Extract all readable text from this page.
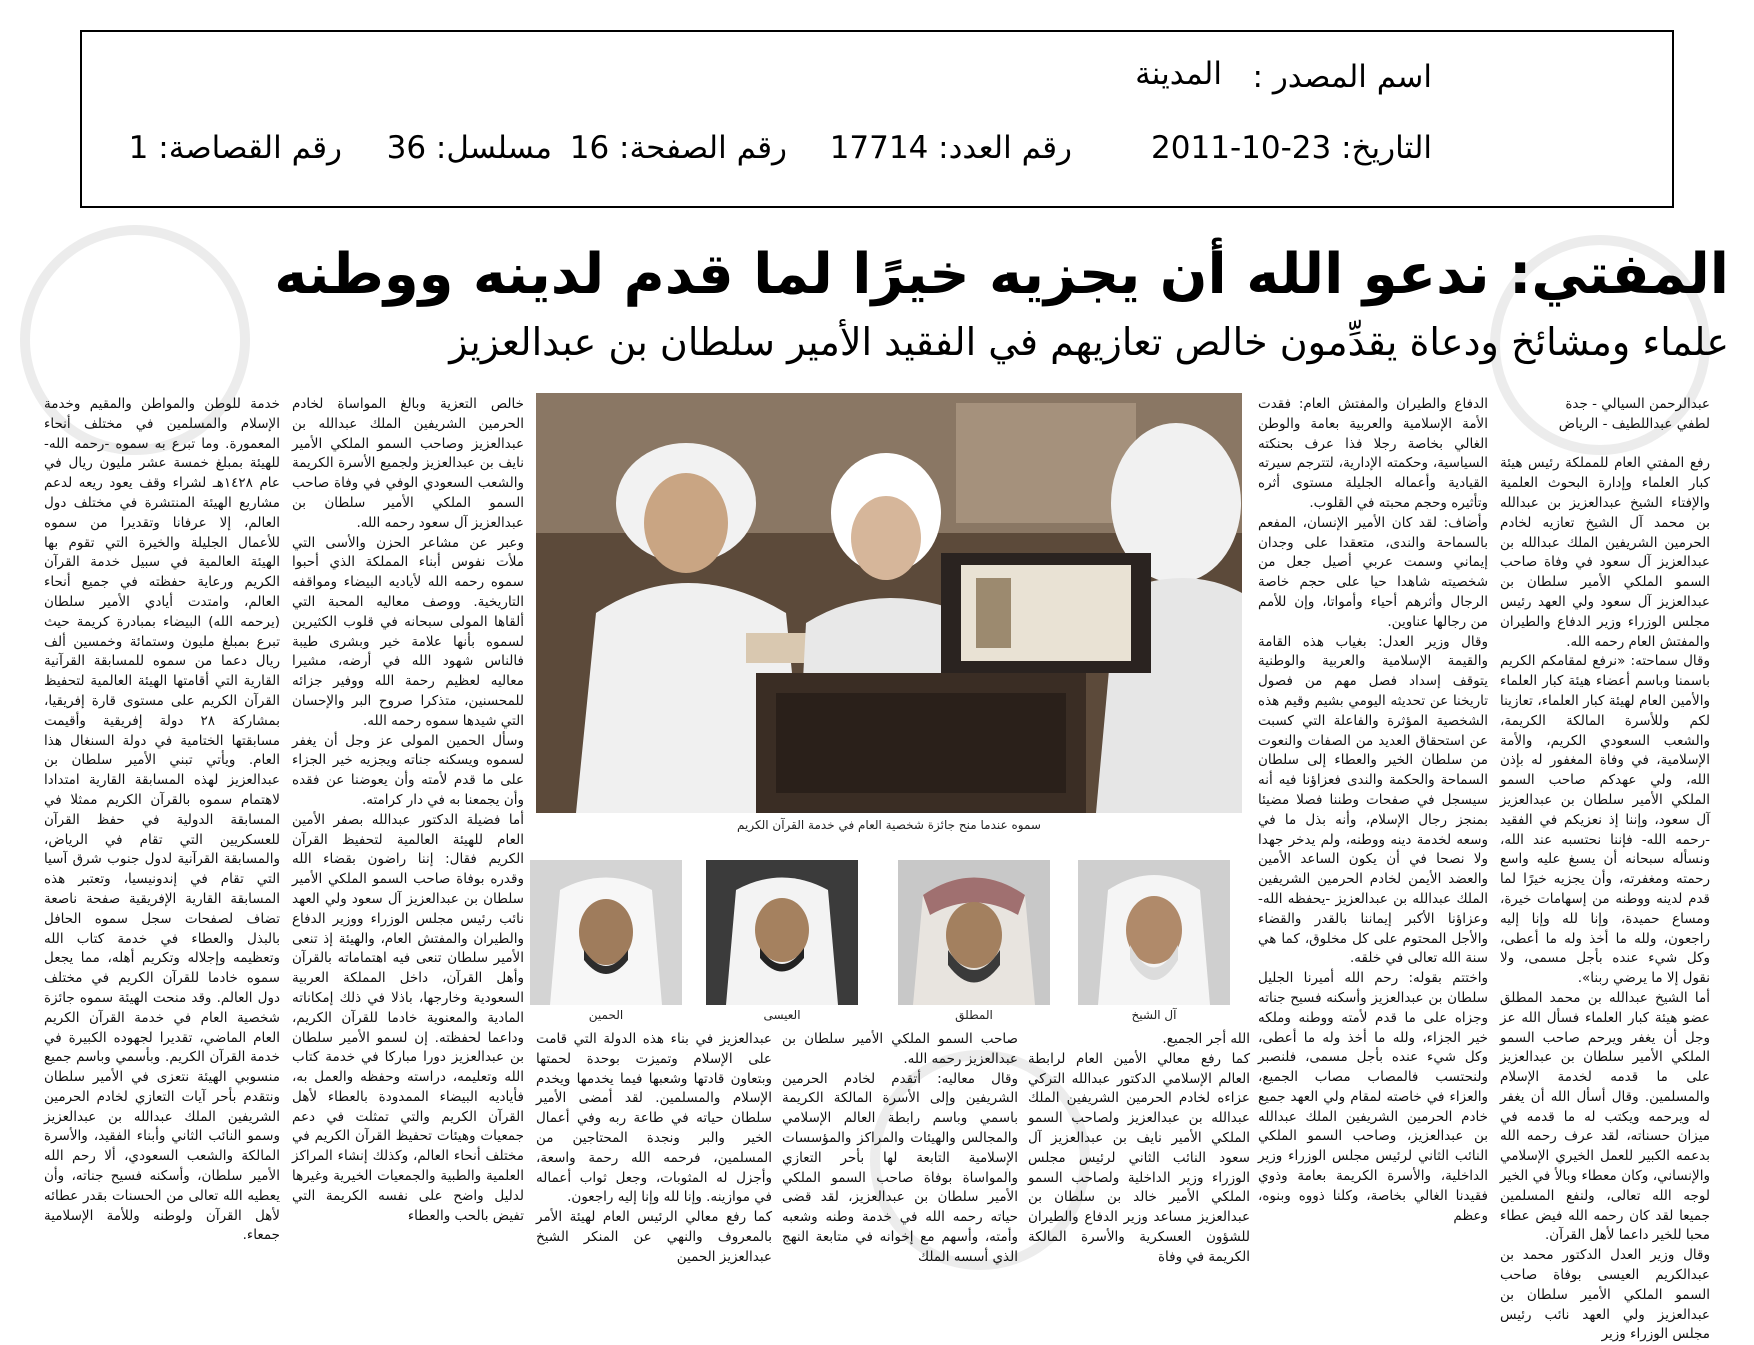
اسم المصدر :
المدينة
التاريخ: 23-10-2011
رقم العدد: 17714
رقم الصفحة: 16
مسلسل: 36
رقم القصاصة: 1
المفتي: ندعو الله أن يجزيه خيرًا لما قدم لدينه ووطنه
علماء ومشائخ ودعاة يقدِّمون خالص تعازيهم في الفقيد الأمير سلطان بن عبدالعزيز
عبدالرحمن السيالي - جدة
لطفي عبداللطيف - الرياض

رفع المفتي العام للمملكة رئيس هيئة كبار العلماء وإدارة البحوث العلمية والإفتاء الشيخ عبدالعزيز بن عبدالله بن محمد آل الشيخ تعازيه لخادم الحرمين الشريفين الملك عبدالله بن عبدالعزيز آل سعود في وفاة صاحب السمو الملكي الأمير سلطان بن عبدالعزيز آل سعود ولي العهد رئيس مجلس الوزراء وزير الدفاع والطيران والمفتش العام رحمه الله.
وقال سماحته: «نرفع لمقامكم الكريم باسمنا وباسم أعضاء هيئة كبار العلماء والأمين العام لهيئة كبار العلماء، تعازينا لكم وللأسرة المالكة الكريمة، والشعب السعودي الكريم، والأمة الإسلامية، في وفاة المغفور له بإذن الله، ولي عهدكم صاحب السمو الملكي الأمير سلطان بن عبدالعزيز آل سعود، وإننا إذ نعزيكم في الفقيد -رحمه الله- فإننا نحتسبه عند الله، ونسأله سبحانه أن يسبغ عليه واسع رحمته ومغفرته، وأن يجزيه خيرًا لما قدم لدينه ووطنه من إسهامات خيرة، ومساع حميدة، وإنا لله وإنا إليه راجعون، ولله ما أخذ وله ما أعطى، وكل شيء عنده بأجل مسمى، ولا نقول إلا ما يرضي ربنا».
أما الشيخ عبدالله بن محمد المطلق عضو هيئة كبار العلماء فسأل الله عز وجل أن يغفر ويرحم صاحب السمو الملكي الأمير سلطان بن عبدالعزيز على ما قدمه لخدمة الإسلام والمسلمين. وقال أسأل الله أن يغفر له ويرحمه ويكتب له ما قدمه في ميزان حسناته، لقد عرف رحمه الله بدعمه الكبير للعمل الخيري الإسلامي والإنساني، وكان معطاء وبالأ في الخير لوجه الله تعالى، ولنفع المسلمين جميعا لقد كان رحمه الله فيض عطاء محبا للخير داعما لأهل القرآن.
وقال وزير العدل الدكتور محمد بن عبدالكريم العيسى بوفاة صاحب السمو الملكي الأمير سلطان بن عبدالعزيز ولي العهد نائب رئيس مجلس الوزراء وزير
الدفاع والطيران والمفتش العام: فقدت الأمة الإسلامية والعربية بعامة والوطن الغالي بخاصة رجلا فذا عرف بحنكته السياسية، وحكمته الإدارية، لتترجم سيرته القيادية وأعماله الجليلة مستوى أثره وتأثيره وحجم محبته في القلوب.
وأضاف: لقد كان الأمير الإنسان، المفعم بالسماحة والندى، متعقدا على وجدان إيماني وسمت عربي أصيل جعل من شخصيته شاهدا حيا على حجم خاصة الرجال وأثرهم أحياء وأمواتا، وإن للأمم من رجالها عناوين.
وقال وزير العدل: بغياب هذه القامة والقيمة الإسلامية والعربية والوطنية يتوقف إسداد فصل مهم من فصول تاريخنا عن تحديثه اليومي بشيم وقيم هذه الشخصية المؤثرة والفاعلة التي كسبت عن استحقاق العديد من الصفات والنعوت من سلطان الخير والعطاء إلى سلطان السماحة والحكمة والندى فعزاؤنا فيه أنه سيسجل في صفحات وطننا فصلا مضيئا بمنجز رجال الإسلام، وأنه بذل ما في وسعه لخدمة دينه ووطنه، ولم يدخر جهدا ولا نصحا في أن يكون الساعد الأمين والعضد الأيمن لخادم الحرمين الشريفين الملك عبدالله بن عبدالعزيز -يحفظه الله- وعزاؤنا الأكبر إيماننا بالقدر والقضاء والأجل المحتوم على كل مخلوق، كما هي سنة الله تعالى في خلقه.
واختتم بقوله: رحم الله أميرنا الجليل سلطان بن عبدالعزيز وأسكنه فسيح جناته وجزاه على ما قدم لأمته ووطنه وملكه خير الجزاء، ولله ما أخذ وله ما أعطى، وكل شيء عنده بأجل مسمى، فلنصبر ولنحتسب فالمصاب مصاب الجميع، والعزاء في خاصته لمقام ولي العهد جميع خادم الحرمين الشريفين الملك عبدالله بن عبدالعزيز، وصاحب السمو الملكي النائب الثاني لرئيس مجلس الوزراء وزير الداخلية، والأسرة الكريمة بعامة وذوي فقيدنا الغالي بخاصة، وكلنا ذووه وبنوه، وعظم
الله أجر الجميع.
كما رفع معالي الأمين العام لرابطة العالم الإسلامي الدكتور عبدالله التركي عزاءه لخادم الحرمين الشريفين الملك عبدالله بن عبدالعزيز ولصاحب السمو الملكي الأمير نايف بن عبدالعزيز آل سعود النائب الثاني لرئيس مجلس الوزراء وزير الداخلية ولصاحب السمو الملكي الأمير خالد بن سلطان بن عبدالعزيز مساعد وزير الدفاع والطيران للشؤون العسكرية والأسرة المالكة الكريمة في وفاة
صاحب السمو الملكي الأمير سلطان بن عبدالعزيز رحمه الله.
وقال معاليه: أتقدم لخادم الحرمين الشريفين وإلى الأسرة المالكة الكريمة باسمي وباسم رابطة العالم الإسلامي والمجالس والهيئات والمراكز والمؤسسات الإسلامية التابعة لها بأحر التعازي والمواساة بوفاة صاحب السمو الملكي الأمير سلطان بن عبدالعزيز، لقد قضى حياته رحمه الله في خدمة وطنه وشعبه وأمته، وأسهم مع إخوانه في متابعة النهج الذي أسسه الملك
عبدالعزيز في بناء هذه الدولة التي قامت على الإسلام وتميزت بوحدة لحمتها وبتعاون قادتها وشعبها فيما يخدمها ويخدم الإسلام والمسلمين. لقد أمضى الأمير سلطان حياته في طاعة ربه وفي أعمال الخير والبر ونجدة المحتاجين من المسلمين، فرحمه الله رحمة واسعة، وأجزل له المثوبات، وجعل ثواب أعماله في موازينه. وإنا لله وإنا إليه راجعون.
كما رفع معالي الرئيس العام لهيئة الأمر بالمعروف والنهي عن المنكر الشيخ عبدالعزيز الحمين
خالص التعزية وبالغ المواساة لخادم الحرمين الشريفين الملك عبدالله بن عبدالعزيز وصاحب السمو الملكي الأمير نايف بن عبدالعزيز ولجميع الأسرة الكريمة والشعب السعودي الوفي في وفاة صاحب السمو الملكي الأمير سلطان بن عبدالعزيز آل سعود رحمه الله.
وعبر عن مشاعر الحزن والأسى التي ملأت نفوس أبناء المملكة الذي أحبوا سموه رحمه الله لأياديه البيضاء ومواقفه التاريخية. ووصف معاليه المحبة التي ألقاها المولى سبحانه في قلوب الكثيرين لسموه بأنها علامة خير وبشرى طيبة فالناس شهود الله في أرضه، مشيرا معاليه لعظيم رحمة الله ووفير جزائه للمحسنين، متذكرا صروح البر والإحسان التي شيدها سموه رحمه الله.
وسأل الحمين المولى عز وجل أن يغفر لسموه ويسكنه جناته ويجزيه خير الجزاء على ما قدم لأمته وأن يعوضنا عن فقده وأن يجمعنا به في دار كرامته.
أما فضيلة الدكتور عبدالله بصفر الأمين العام للهيئة العالمية لتحفيظ القرآن الكريم فقال: إننا راضون بقضاء الله وقدره بوفاة صاحب السمو الملكي الأمير سلطان بن عبدالعزيز آل سعود ولي العهد نائب رئيس مجلس الوزراء ووزير الدفاع والطيران والمفتش العام، والهيئة إذ تنعى الأمير سلطان تنعى فيه اهتماماته بالقرآن وأهل القرآن، داخل المملكة العربية السعودية وخارجها، باذلا في ذلك إمكاناته المادية والمعنوية خادما للقرآن الكريم، وداعما لحفظته. إن لسمو الأمير سلطان بن عبدالعزيز دورا مباركا في خدمة كتاب الله وتعليمه، دراسته وحفظه والعمل به، فأياديه البيضاء الممدودة بالعطاء لأهل القرآن الكريم والتي تمثلت في دعم جمعيات وهيئات تحفيظ القرآن الكريم في مختلف أنحاء العالم، وكذلك إنشاء المراكز العلمية والطبية والجمعيات الخيرية وغيرها لدليل واضح على نفسه الكريمة التي تفيض بالحب والعطاء
خدمة للوطن والمواطن والمقيم وخدمة الإسلام والمسلمين في مختلف أنحاء المعمورة. وما تبرع به سموه -رحمه الله- للهيئة بمبلغ خمسة عشر مليون ريال في عام ١٤٢٨هـ لشراء وقف يعود ريعه لدعم مشاريع الهيئة المنتشرة في مختلف دول العالم، إلا عرفانا وتقديرا من سموه للأعمال الجليلة والخيرة التي تقوم بها الهيئة العالمية في سبيل خدمة القرآن الكريم ورعاية حفظته في جميع أنحاء العالم، وامتدت أيادي الأمير سلطان (يرحمه الله) البيضاء بمبادرة كريمة حيث تبرع بمبلغ مليون وستمائة وخمسين ألف ريال دعما من سموه للمسابقة القرآنية القارية التي أقامتها الهيئة العالمية لتحفيظ القرآن الكريم على مستوى قارة إفريقيا، بمشاركة ٢٨ دولة إفريقية وأقيمت مسابقتها الختامية في دولة السنغال هذا العام. ويأتي تبني الأمير سلطان بن عبدالعزيز لهذه المسابقة القارية امتدادا لاهتمام سموه بالقرآن الكريم ممثلا في المسابقة الدولية في حفظ القرآن للعسكريين التي تقام في الرياض، والمسابقة القرآنية لدول جنوب شرق آسيا التي تقام في إندونيسيا، وتعتبر هذه المسابقة القارية الإفريقية صفحة ناصعة تضاف لصفحات سجل سموه الحافل بالبذل والعطاء في خدمة كتاب الله وتعظيمه وإجلاله وتكريم أهله، مما يجعل سموه خادما للقرآن الكريم في مختلف دول العالم. وقد منحت الهيئة سموه جائزة شخصية العام في خدمة القرآن الكريم العام الماضي، تقديرا لجهوده الكبيرة في خدمة القرآن الكريم. وبأسمي وباسم جميع منسوبي الهيئة نتعزى في الأمير سلطان ونتقدم بأحر آيات التعازي لخادم الحرمين الشريفين الملك عبدالله بن عبدالعزيز وسمو النائب الثاني وأبناء الفقيد، والأسرة المالكة والشعب السعودي، ألا رحم الله الأمير سلطان، وأسكنه فسيح جناته، وأن يعطيه الله تعالى من الحسنات بقدر عطائه لأهل القرآن ولوطنه وللأمة الإسلامية جمعاء.
سموه عندما منح جائزة شخصية العام في خدمة القرآن الكريم
آل الشيخ
المطلق
العيسى
الحمين
